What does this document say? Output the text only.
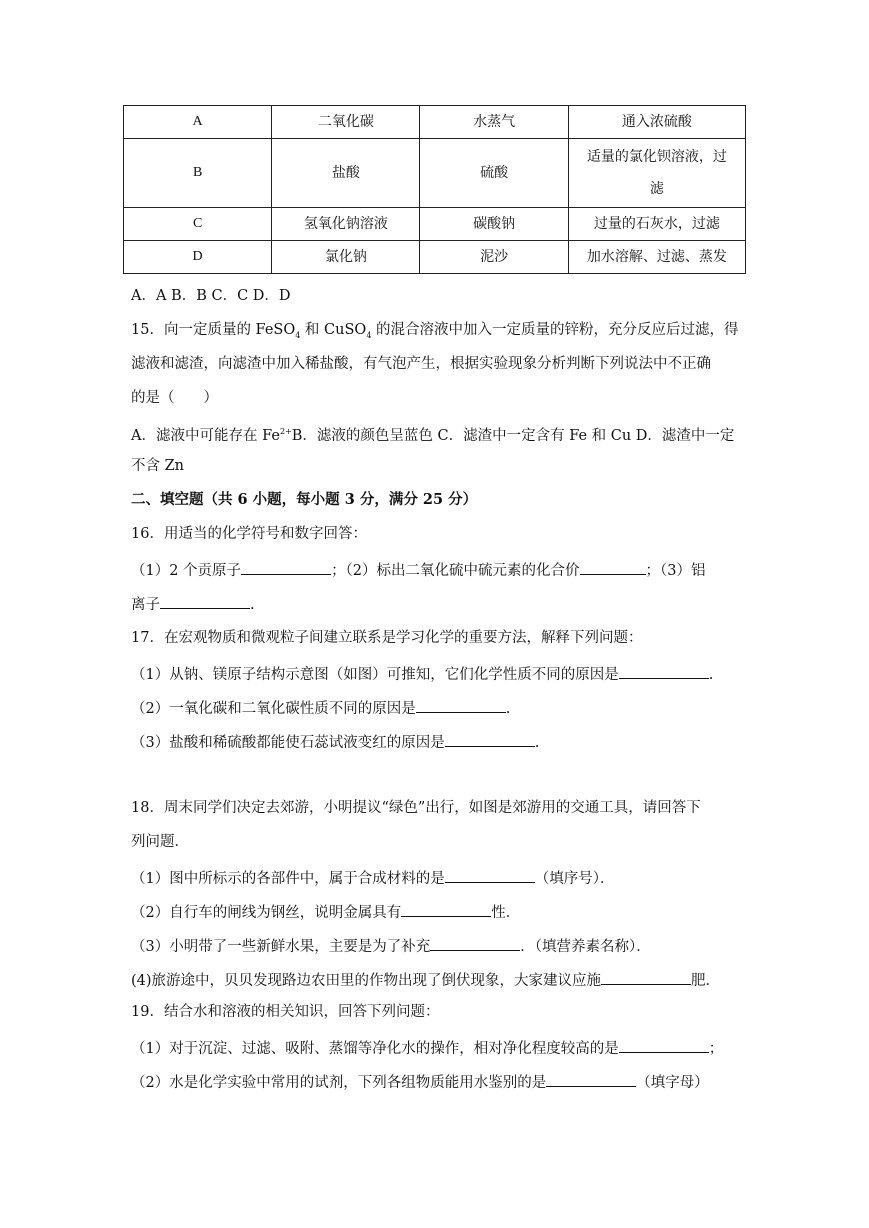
A	二氧化碳	水蒸气	通入浓硫酸
B	盐酸	硫酸	适量的氯化钡溶液，过
滤

C	氢氧化钠溶液	碳酸钠	过量的石灰水，过滤
D	氯化钠	泥沙	加水溶解、过滤、蒸发
A．A B．B C．C D．D
15．向一定质量的 FeSO$_4$ 和 CuSO$_4$ 的混合溶液中加入一定质量的锌粉，充分反应后过滤，得
滤液和滤渣，向滤渣中加入稀盐酸，有气泡产生，根据实验现象分析判断下列说法中不正确
的是（　　）
A．滤液中可能存在 $Fe^{2+}B$．滤液的颜色呈蓝色 C．滤渣中一定含有 Fe 和 Cu D．滤渣中一定
不含 Zn
二、填空题（共 6 小题，每小题 3 分，满分 25 分）
16．用适当的化学符号和数字回答：
（1）2 个贡原子	；（2）标出二氧化硫中硫元素的化合价	；（3）铝
离子	.
17．在宏观物质和微观粒子间建立联系是学习化学的重要方法，解释下列问题：
（1）从钠、镁原子结构示意图（如图）可推知，它们化学性质不同的原因是	.
（2）一氧化碳和二氧化碳性质不同的原因是	.
（3）盐酸和稀硫酸都能使石蕊试液变红的原因是	.
18．周末同学们决定去郊游，小明提议“绿色”出行，如图是郊游用的交通工具，请回答下
列问题．
（1）图中所标示的各部件中，属于合成材料的是	（填序号）．
（2）自行车的闸线为钢丝，说明金属具有	性．
（3）小明带了一些新鲜水果，主要是为了补充	．（填营养素名称）．
(4)旅游途中，贝贝发现路边农田里的作物出现了倒伏现象，大家建议应施	肥．
19．结合水和溶液的相关知识，回答下列问题：
（1）对于沉淀、过滤、吸附、蒸馏等净化水的操作，相对净化程度较高的是	；
（2）水是化学实验中常用的试剂，下列各组物质能用水鉴别的是	（填字母）
